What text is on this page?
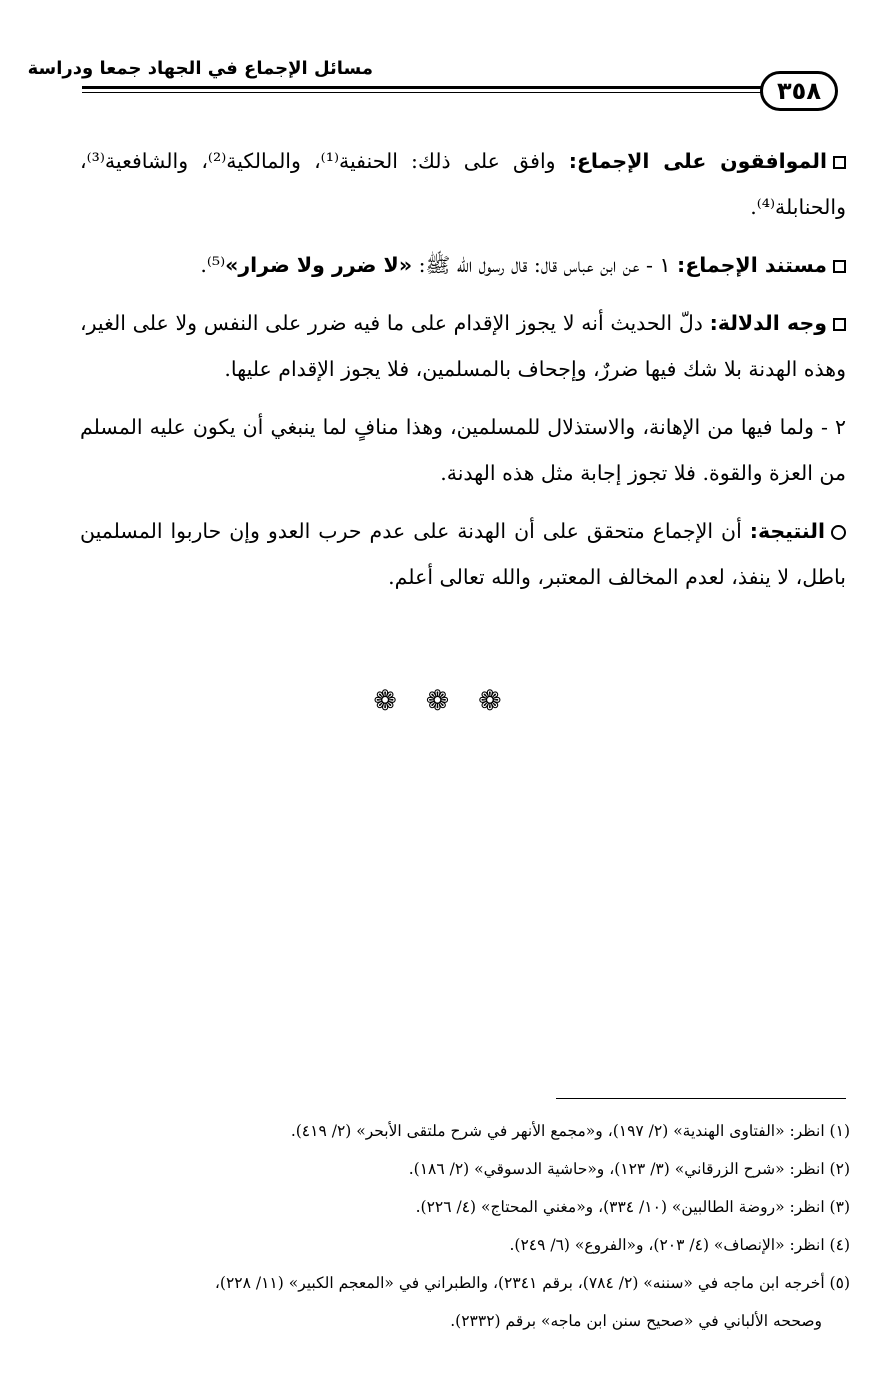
مسائل الإجماع في الجهاد جمعا ودراسة
٣٥٨

الموافقون على الإجماع: وافق على ذلك: الحنفية⁽¹⁾، والمالكية⁽²⁾، والشافعية⁽³⁾، والحنابلة⁽⁴⁾.

مستند الإجماع: ١ - عن ابن عباس قال: قال رسول الله ﷺ: «لا ضرر ولا ضرار»⁽⁵⁾.

وجه الدلالة: دلّ الحديث أنه لا يجوز الإقدام على ما فيه ضرر على النفس ولا على الغير، وهذه الهدنة بلا شك فيها ضررٌ، وإجحاف بالمسلمين، فلا يجوز الإقدام عليها.

٢ - ولما فيها من الإهانة، والاستذلال للمسلمين، وهذا منافٍ لما ينبغي أن يكون عليه المسلم من العزة والقوة. فلا تجوز إجابة مثل هذه الهدنة.

النتيجة: أن الإجماع متحقق على أن الهدنة على عدم حرب العدو وإن حاربوا المسلمين باطل، لا ينفذ، لعدم المخالف المعتبر، والله تعالى أعلم.

❁ ❁ ❁

(١) انظر: «الفتاوى الهندية» (٢/ ١٩٧)، و«مجمع الأنهر في شرح ملتقى الأبحر» (٢/ ٤١٩).

(٢) انظر: «شرح الزرقاني» (٣/ ١٢٣)، و«حاشية الدسوقي» (٢/ ١٨٦).

(٣) انظر: «روضة الطالبين» (١٠/ ٣٣٤)، و«مغني المحتاج» (٤/ ٢٢٦).

(٤) انظر: «الإنصاف» (٤/ ٢٠٣)، و«الفروع» (٦/ ٢٤٩).

(٥) أخرجه ابن ماجه في «سننه» (٢/ ٧٨٤)، برقم ٢٣٤١)، والطبراني في «المعجم الكبير» (١١/ ٢٢٨)،

وصححه الألباني في «صحيح سنن ابن ماجه» برقم (٢٣٣٢).
